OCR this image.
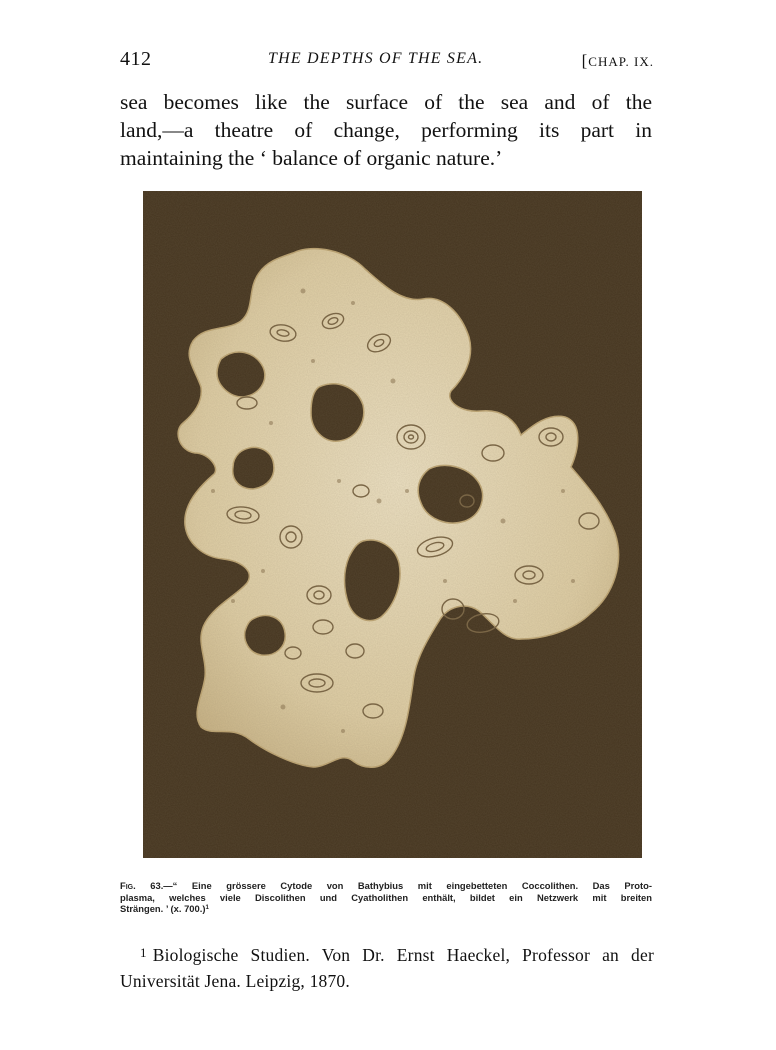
412	THE DEPTHS OF THE SEA.	[CHAP. IX.
sea becomes like the surface of the sea and of the
land,—a theatre of change, performing its part in
maintaining the ‘ balance of organic nature.’
Fig. 63.—“ Eine grössere Cytode von Bathybius mit eingebetteten Coccolithen. Das Proto-
plasma, welches viele Discolithen und Cyatholithen enthält, bildet ein Netzwerk mit breiten
Strängen. ’ (x. 700.)$^1$
$^1$ Biologische Studien. Von Dr. Ernst Haeckel, Professor an der
Universität Jena. Leipzig, 1870.
